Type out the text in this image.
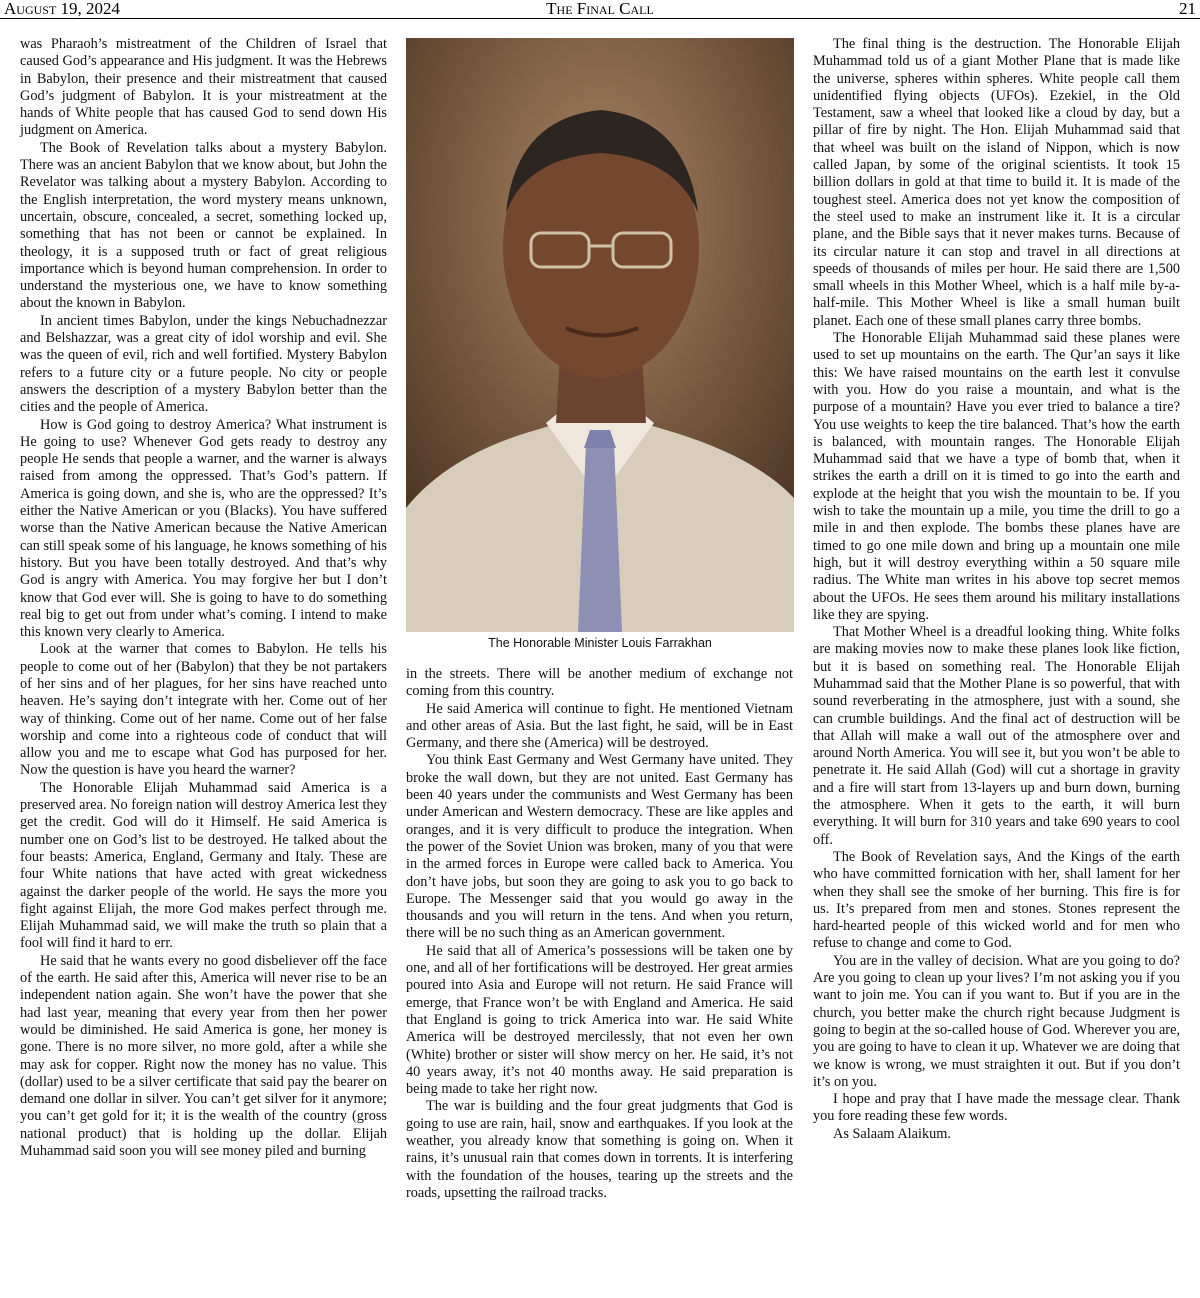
August 19, 2024	The Final Call	21

was Pharaoh’s mistreatment of the Children of Israel that caused God’s appearance and His judgment. It was the Hebrews in Babylon, their presence and their mistreatment that caused God’s judgment of Babylon. It is your mistreatment at the hands of White people that has caused God to send down His judgment on America.

The Book of Revelation talks about a mystery Babylon. There was an ancient Babylon that we know about, but John the Revelator was talking about a mystery Babylon. According to the English interpretation, the word mystery means unknown, uncertain, obscure, concealed, a secret, something locked up, something that has not been or cannot be explained. In theology, it is a supposed truth or fact of great religious importance which is beyond human comprehension. In order to understand the mysterious one, we have to know something about the known in Babylon.

In ancient times Babylon, under the kings Nebuchadnezzar and Belshazzar, was a great city of idol worship and evil. She was the queen of evil, rich and well fortified. Mystery Babylon refers to a future city or a future people. No city or people answers the description of a mystery Babylon better than the cities and the people of America.

How is God going to destroy America? What instrument is He going to use? Whenever God gets ready to destroy any people He sends that people a warner, and the warner is always raised from among the oppressed. That’s God’s pattern. If America is going down, and she is, who are the oppressed? It’s either the Native American or you (Blacks). You have suffered worse than the Native American because the Native American can still speak some of his language, he knows something of his history. But you have been totally destroyed. And that’s why God is angry with America. You may forgive her but I don’t know that God ever will. She is going to have to do something real big to get out from under what’s coming. I intend to make this known very clearly to America.

Look at the warner that comes to Babylon. He tells his people to come out of her (Babylon) that they be not partakers of her sins and of her plagues, for her sins have reached unto heaven. He’s saying don’t integrate with her. Come out of her way of thinking. Come out of her name. Come out of her false worship and come into a righteous code of conduct that will allow you and me to escape what God has purposed for her. Now the question is have you heard the warner?

The Honorable Elijah Muhammad said America is a preserved area. No foreign nation will destroy America lest they get the credit. God will do it Himself. He said America is number one on God’s list to be destroyed. He talked about the four beasts: America, England, Germany and Italy. These are four White nations that have acted with great wickedness against the darker people of the world. He says the more you fight against Elijah, the more God makes perfect through me. Elijah Muhammad said, we will make the truth so plain that a fool will find it hard to err.

He said that he wants every no good disbeliever off the face of the earth. He said after this, America will never rise to be an independent nation again. She won’t have the power that she had last year, meaning that every year from then her power would be diminished. He said America is gone, her money is gone. There is no more silver, no more gold, after a while she may ask for copper. Right now the money has no value. This (dollar) used to be a silver certificate that said pay the bearer on demand one dollar in silver. You can’t get silver for it anymore; you can’t get gold for it; it is the wealth of the country (gross national product) that is holding up the dollar. Elijah Muhammad said soon you will see money piled and burning

The Honorable Minister Louis Farrakhan

in the streets. There will be another medium of exchange not coming from this country.

He said America will continue to fight. He mentioned Vietnam and other areas of Asia. But the last fight, he said, will be in East Germany, and there she (America) will be destroyed.

You think East Germany and West Germany have united. They broke the wall down, but they are not united. East Germany has been 40 years under the communists and West Germany has been under American and Western democracy. These are like apples and oranges, and it is very difficult to produce the integration. When the power of the Soviet Union was broken, many of you that were in the armed forces in Europe were called back to America. You don’t have jobs, but soon they are going to ask you to go back to Europe. The Messenger said that you would go away in the thousands and you will return in the tens. And when you return, there will be no such thing as an American government.

He said that all of America’s possessions will be taken one by one, and all of her fortifications will be destroyed. Her great armies poured into Asia and Europe will not return. He said France will emerge, that France won’t be with England and America. He said that England is going to trick America into war. He said White America will be destroyed mercilessly, that not even her own (White) brother or sister will show mercy on her. He said, it’s not 40 years away, it’s not 40 months away. He said preparation is being made to take her right now.

The war is building and the four great judgments that God is going to use are rain, hail, snow and earthquakes. If you look at the weather, you already know that something is going on. When it rains, it’s unusual rain that comes down in torrents. It is interfering with the foundation of the houses, tearing up the streets and the roads, upsetting the railroad tracks.

The final thing is the destruction. The Honorable Elijah Muhammad told us of a giant Mother Plane that is made like the universe, spheres within spheres. White people call them unidentified flying objects (UFOs). Ezekiel, in the Old Testament, saw a wheel that looked like a cloud by day, but a pillar of fire by night. The Hon. Elijah Muhammad said that that wheel was built on the island of Nippon, which is now called Japan, by some of the original scientists. It took 15 billion dollars in gold at that time to build it. It is made of the toughest steel. America does not yet know the composition of the steel used to make an instrument like it. It is a circular plane, and the Bible says that it never makes turns. Because of its circular nature it can stop and travel in all directions at speeds of thousands of miles per hour. He said there are 1,500 small wheels in this Mother Wheel, which is a half mile by-a-half-mile. This Mother Wheel is like a small human built planet. Each one of these small planes carry three bombs.

The Honorable Elijah Muhammad said these planes were used to set up mountains on the earth. The Qur’an says it like this: We have raised mountains on the earth lest it convulse with you. How do you raise a mountain, and what is the purpose of a mountain? Have you ever tried to balance a tire? You use weights to keep the tire balanced. That’s how the earth is balanced, with mountain ranges. The Honorable Elijah Muhammad said that we have a type of bomb that, when it strikes the earth a drill on it is timed to go into the earth and explode at the height that you wish the mountain to be. If you wish to take the mountain up a mile, you time the drill to go a mile in and then explode. The bombs these planes have are timed to go one mile down and bring up a mountain one mile high, but it will destroy everything within a 50 square mile radius. The White man writes in his above top secret memos about the UFOs. He sees them around his military installations like they are spying.

That Mother Wheel is a dreadful looking thing. White folks are making movies now to make these planes look like fiction, but it is based on something real. The Honorable Elijah Muhammad said that the Mother Plane is so powerful, that with sound reverberating in the atmosphere, just with a sound, she can crumble buildings. And the final act of destruction will be that Allah will make a wall out of the atmosphere over and around North America. You will see it, but you won’t be able to penetrate it. He said Allah (God) will cut a shortage in gravity and a fire will start from 13-layers up and burn down, burning the atmosphere. When it gets to the earth, it will burn everything. It will burn for 310 years and take 690 years to cool off.

The Book of Revelation says, And the Kings of the earth who have committed fornication with her, shall lament for her when they shall see the smoke of her burning. This fire is for us. It’s prepared from men and stones. Stones represent the hard-hearted people of this wicked world and for men who refuse to change and come to God.

You are in the valley of decision. What are you going to do? Are you going to clean up your lives? I’m not asking you if you want to join me. You can if you want to. But if you are in the church, you better make the church right because Judgment is going to begin at the so-called house of God. Wherever you are, you are going to have to clean it up. Whatever we are doing that we know is wrong, we must straighten it out. But if you don’t it’s on you.

I hope and pray that I have made the message clear. Thank you fore reading these few words.

As Salaam Alaikum.
